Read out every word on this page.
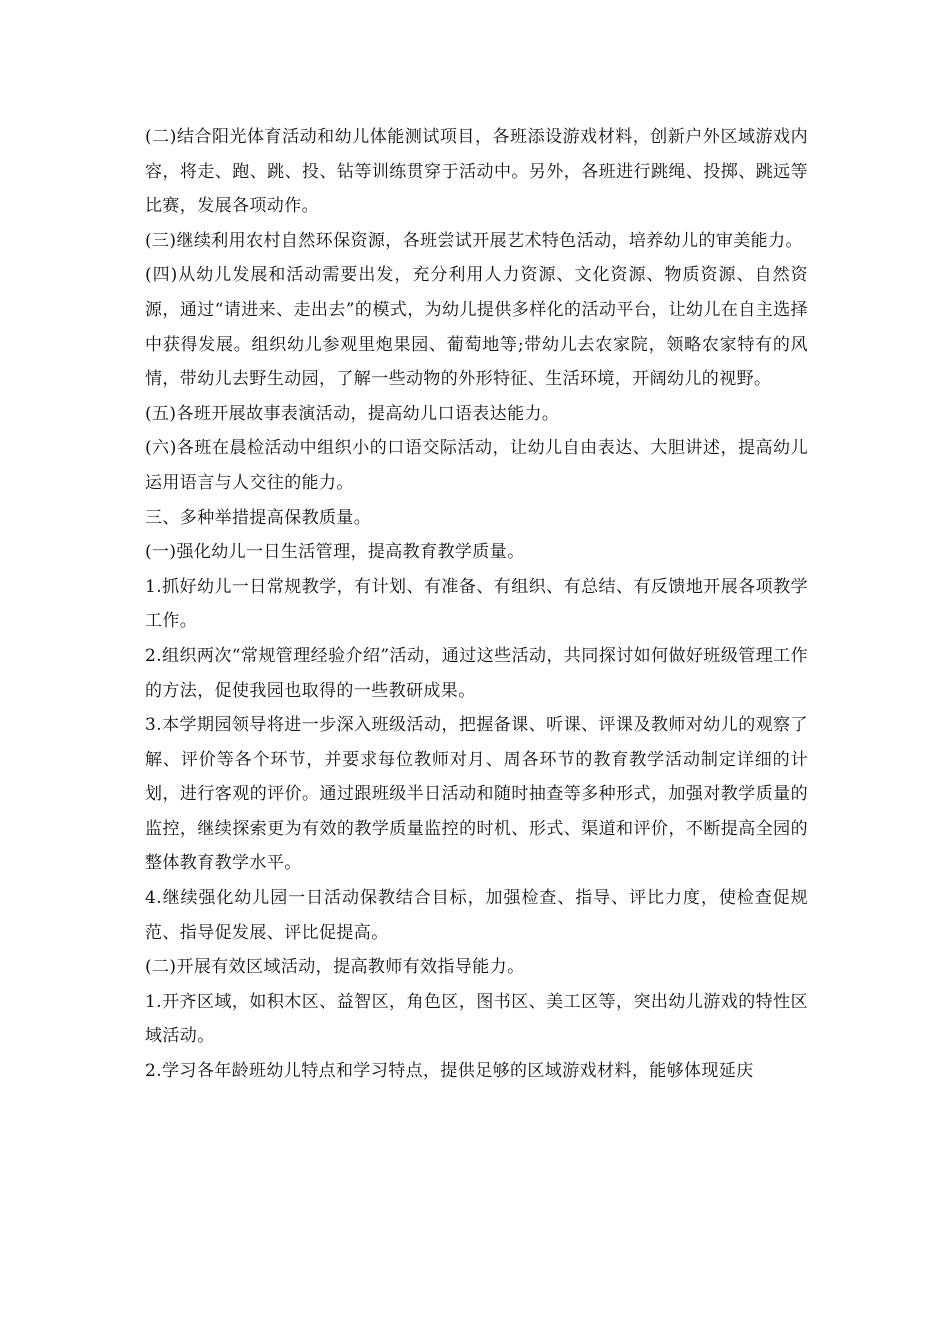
(二)结合阳光体育活动和幼儿体能测试项目，各班添设游戏材料，创新户外区域游戏内容，将走、跑、跳、投、钻等训练贯穿于活动中。另外，各班进行跳绳、投掷、跳远等比赛，发展各项动作。

(三)继续利用农村自然环保资源，各班尝试开展艺术特色活动，培养幼儿的审美能力。

(四)从幼儿发展和活动需要出发，充分利用人力资源、文化资源、物质资源、自然资源，通过“请进来、走出去”的模式，为幼儿提供多样化的活动平台，让幼儿在自主选择中获得发展。组织幼儿参观里炮果园、葡萄地等;带幼儿去农家院，领略农家特有的风情，带幼儿去野生动园，了解一些动物的外形特征、生活环境，开阔幼儿的视野。

(五)各班开展故事表演活动，提高幼儿口语表达能力。

(六)各班在晨检活动中组织小的口语交际活动，让幼儿自由表达、大胆讲述，提高幼儿运用语言与人交往的能力。

三、多种举措提高保教质量。

(一)强化幼儿一日生活管理，提高教育教学质量。

1.抓好幼儿一日常规教学，有计划、有准备、有组织、有总结、有反馈地开展各项教学工作。

2.组织两次“常规管理经验介绍”活动，通过这些活动，共同探讨如何做好班级管理工作的方法，促使我园也取得的一些教研成果。

3.本学期园领导将进一步深入班级活动，把握备课、听课、评课及教师对幼儿的观察了解、评价等各个环节，并要求每位教师对月、周各环节的教育教学活动制定详细的计划，进行客观的评价。通过跟班级半日活动和随时抽查等多种形式，加强对教学质量的监控，继续探索更为有效的教学质量监控的时机、形式、渠道和评价，不断提高全园的整体教育教学水平。

4.继续强化幼儿园一日活动保教结合目标，加强检查、指导、评比力度，使检查促规范、指导促发展、评比促提高。

(二)开展有效区域活动，提高教师有效指导能力。

1.开齐区域，如积木区、益智区，角色区，图书区、美工区等，突出幼儿游戏的特性区域活动。

2.学习各年龄班幼儿特点和学习特点，提供足够的区域游戏材料，能够体现延庆
